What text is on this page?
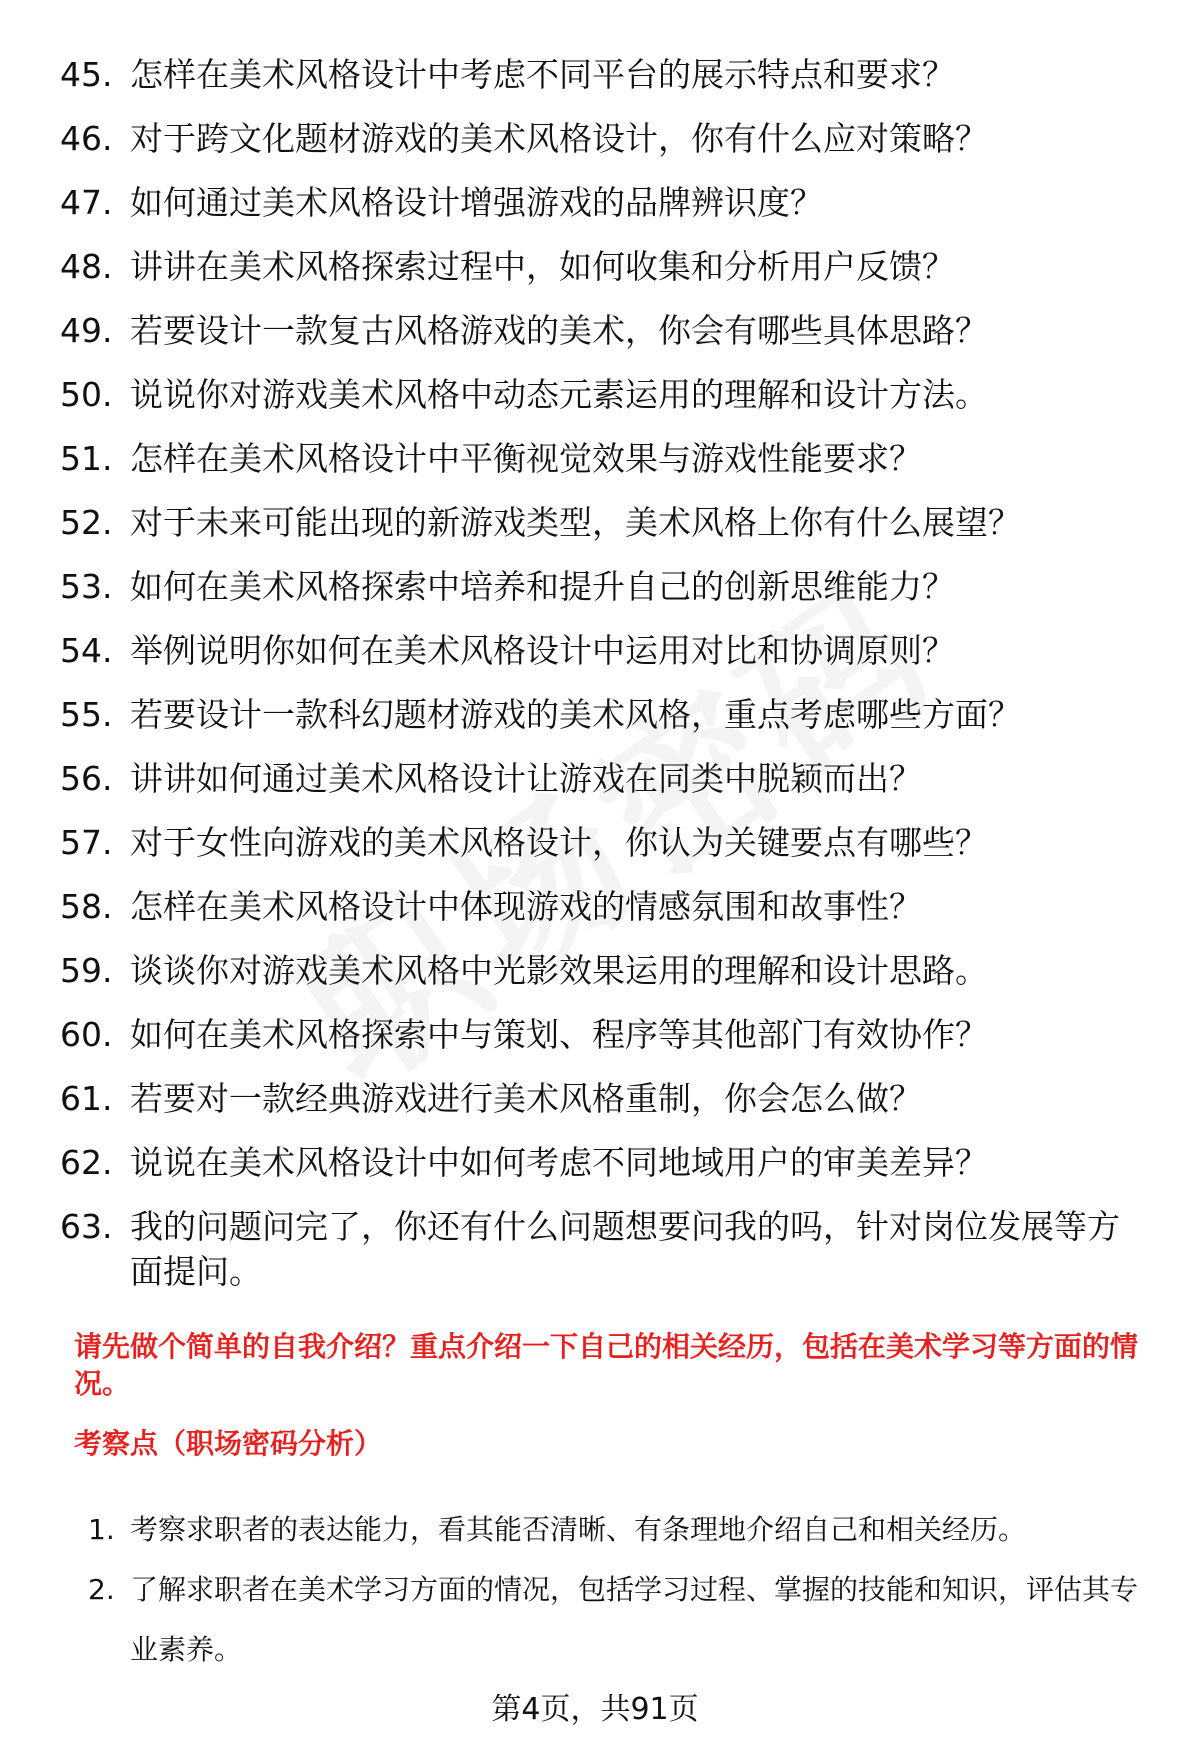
45. 怎样在美术风格设计中考虑不同平台的展示特点和要求？
46. 对于跨文化题材游戏的美术风格设计，你有什么应对策略？
47. 如何通过美术风格设计增强游戏的品牌辨识度？
48. 讲讲在美术风格探索过程中，如何收集和分析用户反馈？
49. 若要设计一款复古风格游戏的美术，你会有哪些具体思路？
50. 说说你对游戏美术风格中动态元素运用的理解和设计方法。
51. 怎样在美术风格设计中平衡视觉效果与游戏性能要求？
52. 对于未来可能出现的新游戏类型，美术风格上你有什么展望？
53. 如何在美术风格探索中培养和提升自己的创新思维能力？
54. 举例说明你如何在美术风格设计中运用对比和协调原则？
55. 若要设计一款科幻题材游戏的美术风格，重点考虑哪些方面？
56. 讲讲如何通过美术风格设计让游戏在同类中脱颖而出？
57. 对于女性向游戏的美术风格设计，你认为关键要点有哪些？
58. 怎样在美术风格设计中体现游戏的情感氛围和故事性？
59. 谈谈你对游戏美术风格中光影效果运用的理解和设计思路。
60. 如何在美术风格探索中与策划、程序等其他部门有效协作？
61. 若要对一款经典游戏进行美术风格重制，你会怎么做？
62. 说说在美术风格设计中如何考虑不同地域用户的审美差异？
63. 我的问题问完了，你还有什么问题想要问我的吗，针对岗位发展等方面提问。

请先做个简单的自我介绍？重点介绍一下自己的相关经历，包括在美术学习等方面的情况。

考察点（职场密码分析）

1. 考察求职者的表达能力，看其能否清晰、有条理地介绍自己和相关经历。
2. 了解求职者在美术学习方面的情况，包括学习过程、掌握的技能和知识，评估其专业素养。
第4页，共91页
